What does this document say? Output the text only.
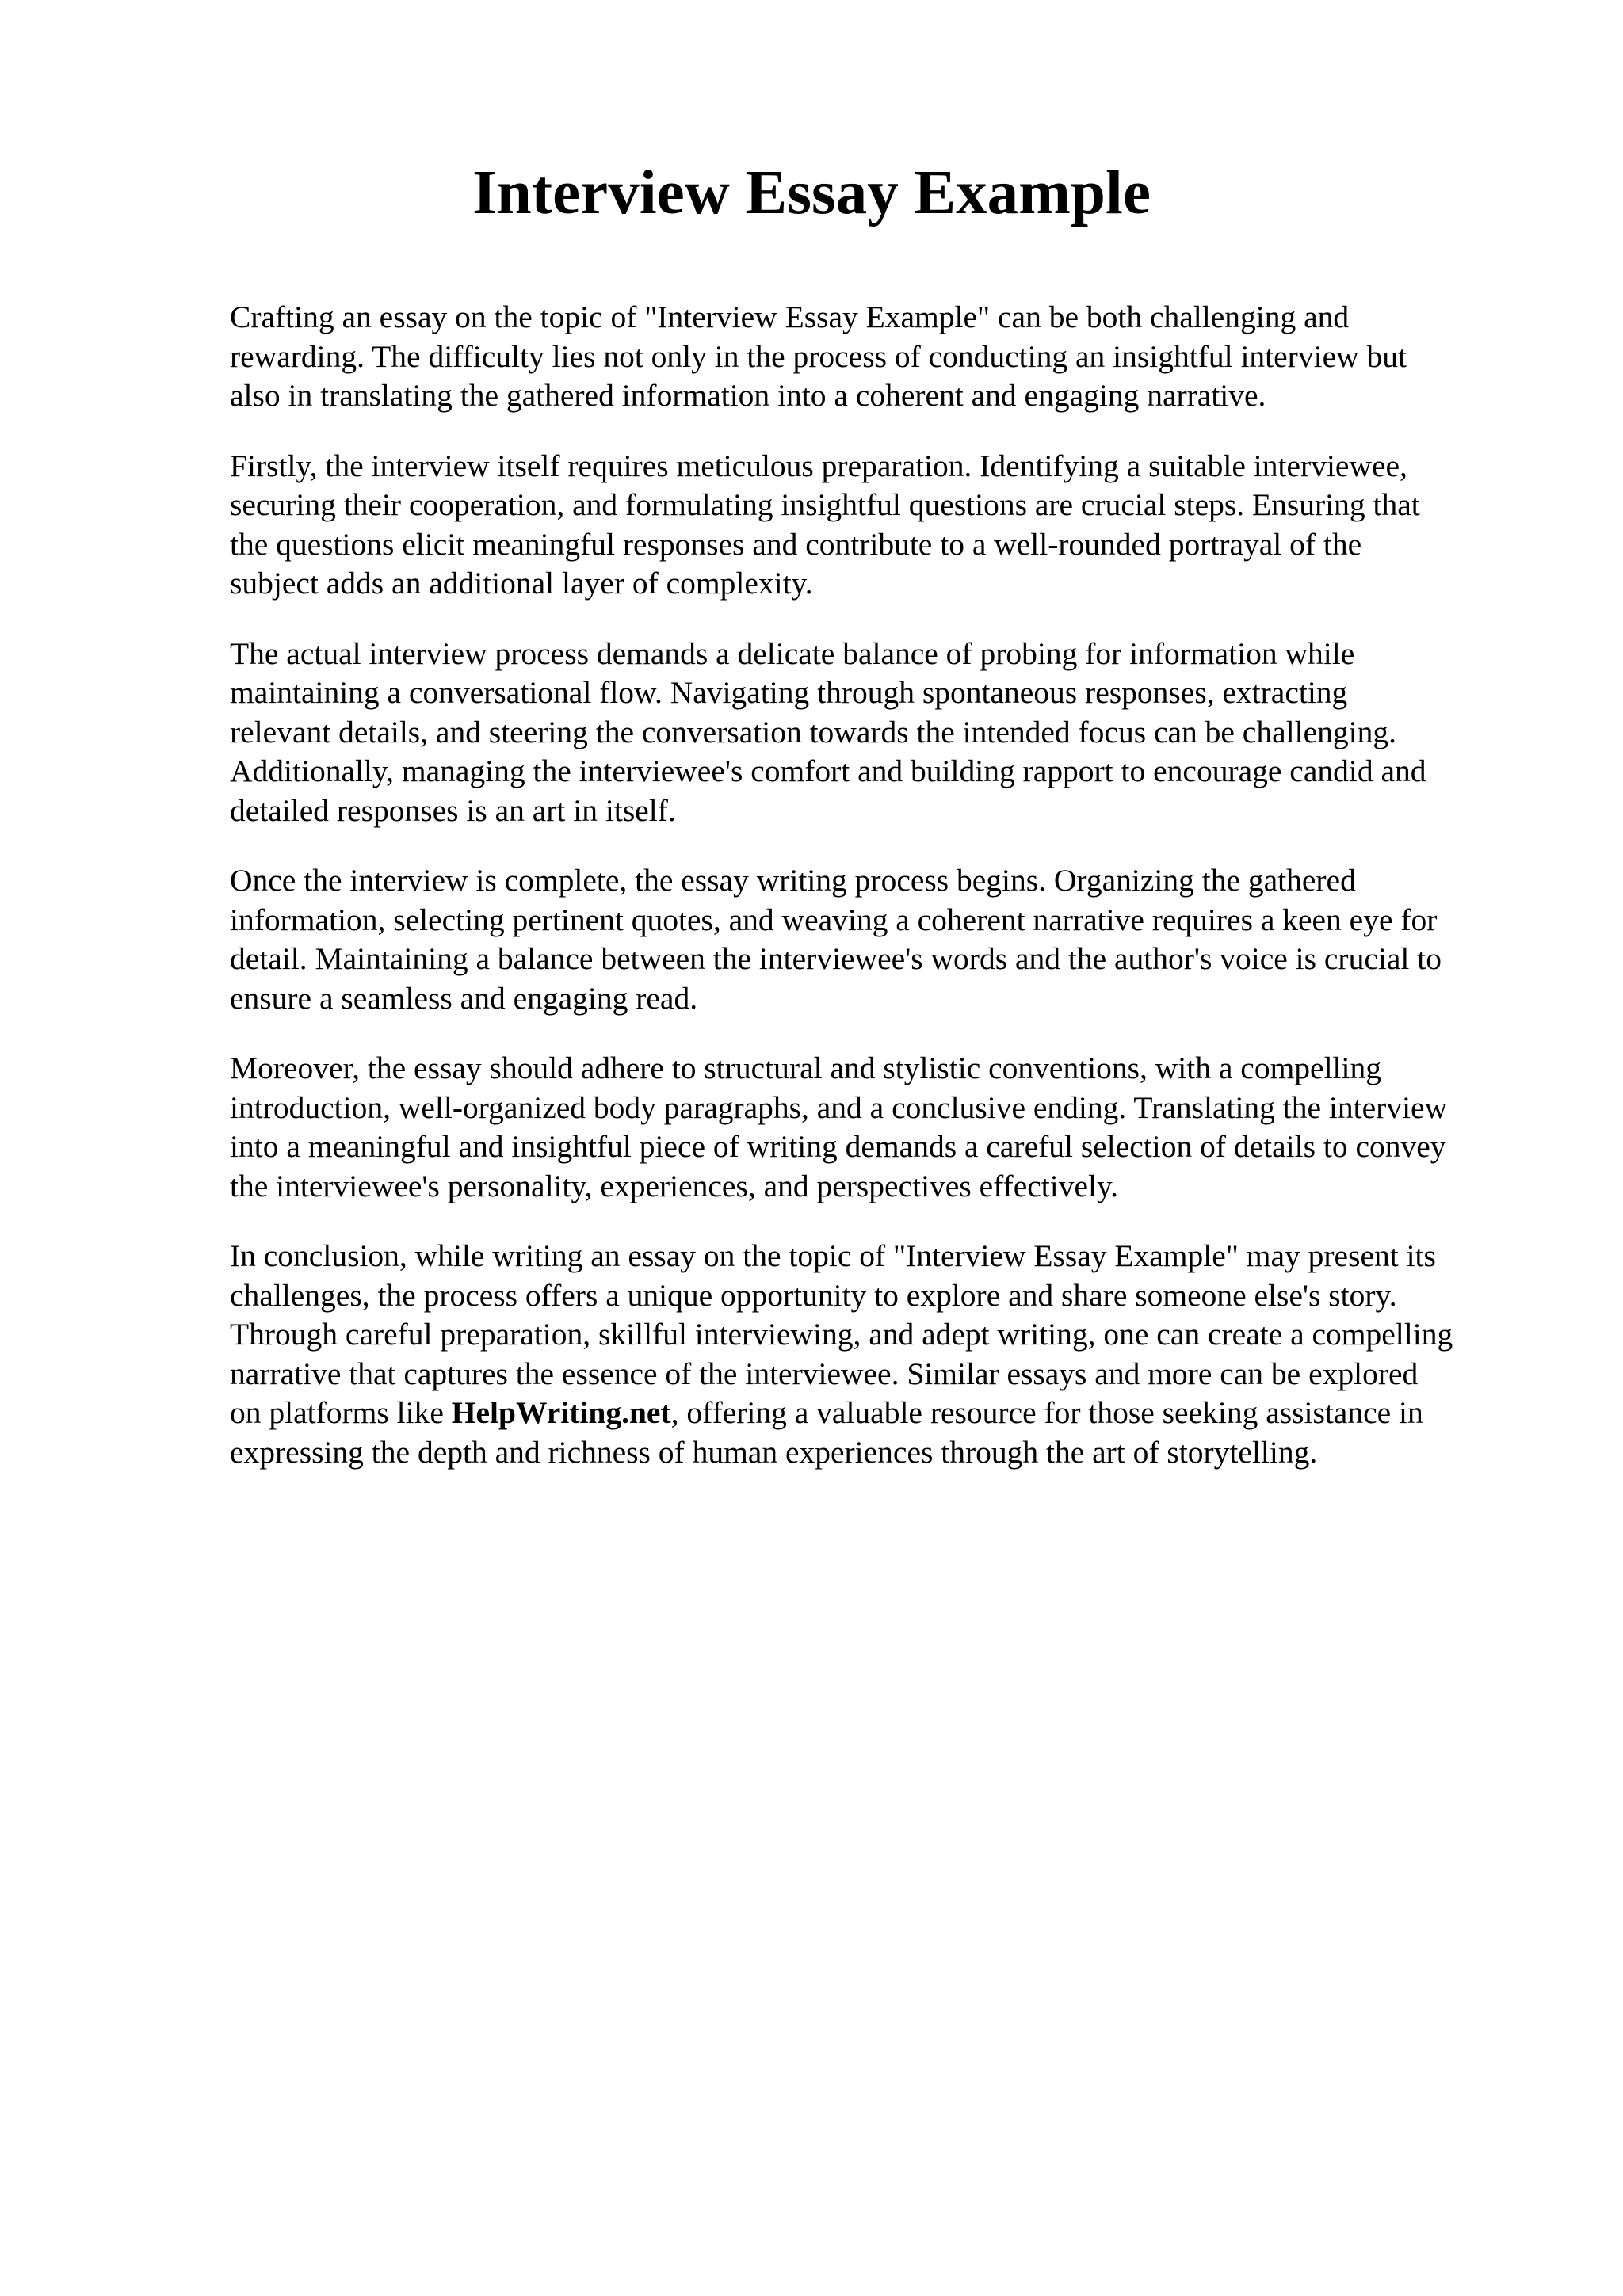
Interview Essay Example

Crafting an essay on the topic of "Interview Essay Example" can be both challenging and
rewarding. The difficulty lies not only in the process of conducting an insightful interview but
also in translating the gathered information into a coherent and engaging narrative.

Firstly, the interview itself requires meticulous preparation. Identifying a suitable interviewee,
securing their cooperation, and formulating insightful questions are crucial steps. Ensuring that
the questions elicit meaningful responses and contribute to a well-rounded portrayal of the
subject adds an additional layer of complexity.

The actual interview process demands a delicate balance of probing for information while
maintaining a conversational flow. Navigating through spontaneous responses, extracting
relevant details, and steering the conversation towards the intended focus can be challenging.
Additionally, managing the interviewee's comfort and building rapport to encourage candid and
detailed responses is an art in itself.

Once the interview is complete, the essay writing process begins. Organizing the gathered
information, selecting pertinent quotes, and weaving a coherent narrative requires a keen eye for
detail. Maintaining a balance between the interviewee's words and the author's voice is crucial to
ensure a seamless and engaging read.

Moreover, the essay should adhere to structural and stylistic conventions, with a compelling
introduction, well-organized body paragraphs, and a conclusive ending. Translating the interview
into a meaningful and insightful piece of writing demands a careful selection of details to convey
the interviewee's personality, experiences, and perspectives effectively.

In conclusion, while writing an essay on the topic of "Interview Essay Example" may present its
challenges, the process offers a unique opportunity to explore and share someone else's story.
Through careful preparation, skillful interviewing, and adept writing, one can create a compelling
narrative that captures the essence of the interviewee. Similar essays and more can be explored
on platforms like HelpWriting.net, offering a valuable resource for those seeking assistance in
expressing the depth and richness of human experiences through the art of storytelling.
